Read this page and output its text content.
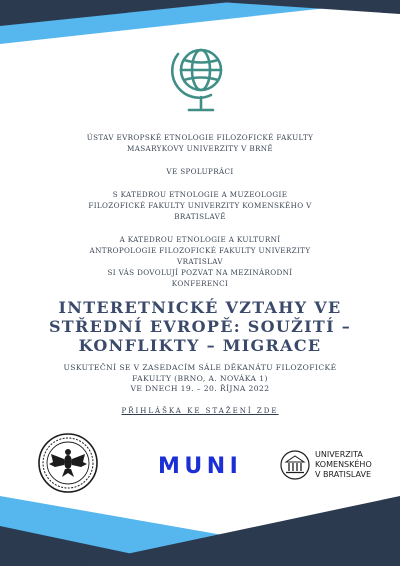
ÚSTAV EVROPSKÉ ETNOLOGIE FILOZOFICKÉ FAKULTY
MASARYKOVY UNIVERZITY V BRNĚ
VE SPOLUPRÁCI
S KATEDROU ETNOLOGIE A MUZEOLOGIE
FILOZOFICKÉ FAKULTY UNIVERZITY KOMENSKÉHO V
BRATISLAVĚ
A KATEDROU ETNOLOGIE A KULTURNÍ
ANTROPOLOGIE FILOZOFICKÉ FAKULTY UNIVERZITY
VRATISLAV
SI VÁS DOVOLUJÍ POZVAT NA MEZINÁRODNÍ
KONFERENCI
INTERETNICKÉ VZTAHY VE
STŘEDNÍ EVROPĚ: SOUŽITÍ –
KONFLIKTY – MIGRACE
USKUTEČNÍ SE V ZASEDACÍM SÁLE DĚKANÁTU FILOZOFICKÉ
FAKULTY (BRNO, A. NOVÁKA 1)
VE DNECH 19. – 20. ŘÍJNA 2022
PŘIHLÁŠKA KE STAŽENÍ ZDE
MUNI	UNIVERZITA
KOMENSKÉHO
V BRATISLAVE
